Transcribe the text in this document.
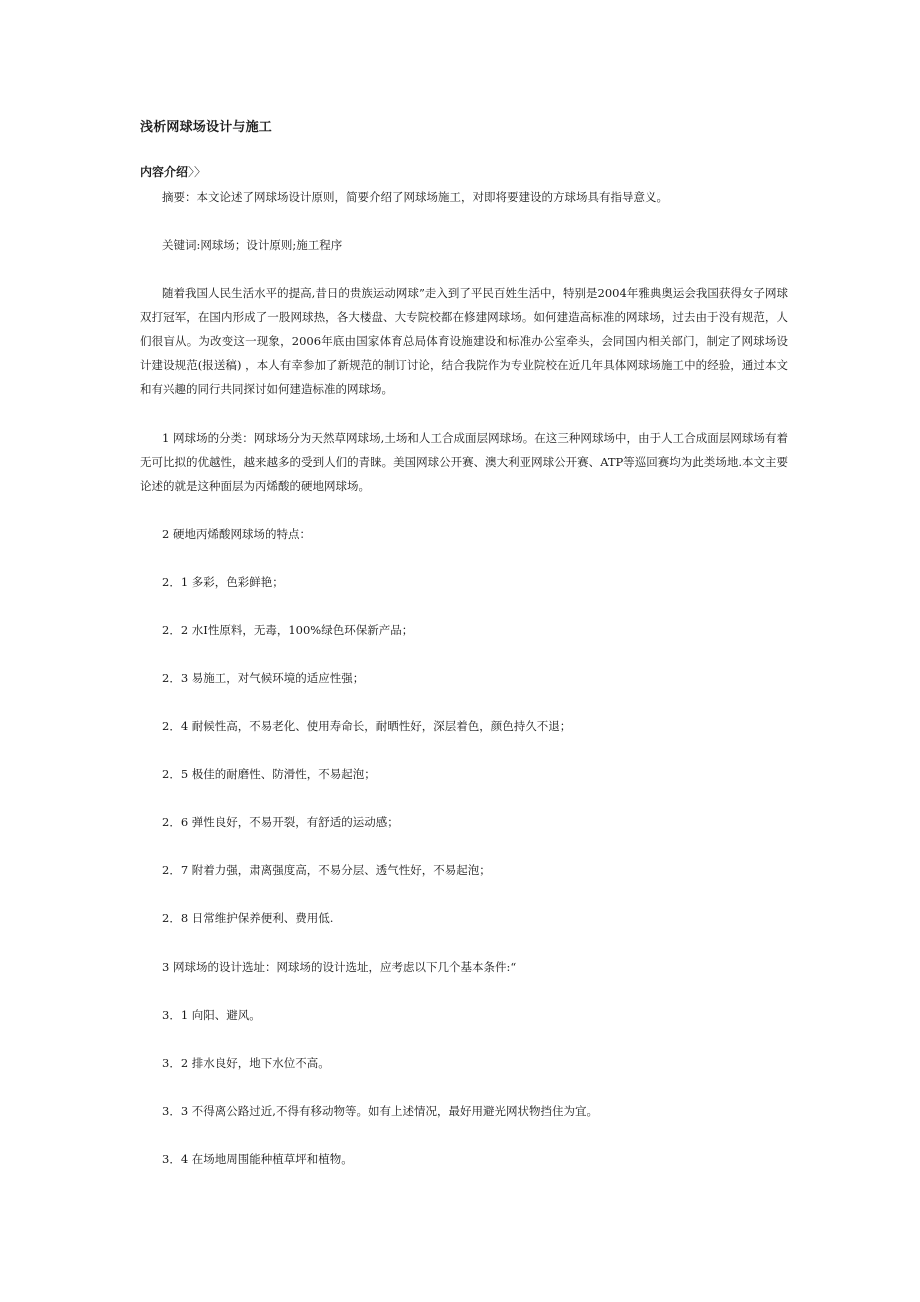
浅析网球场设计与施工
内容介绍〉〉
摘要：本文论述了网球场设计原则，简要介绍了网球场施工，对即将要建设的方球场具有指导意义。
关键词:网球场；设计原则;施工程序
随着我国人民生活水平的提高,昔日的贵族运动网球”走入到了平民百姓生活中，特别是2004年雅典奥运会我国获得女子网球双打冠军，在国内形成了一股网球热，各大楼盘、大专院校都在修建网球场。如何建造高标准的网球场，过去由于没有规范，人们很盲从。为改变这一现象，2006年底由国家体育总局体育设施建设和标准办公室牵头，会同国内相关部门，制定了网球场设计建设规范(报送稿) ，本人有幸参加了新规范的制订讨论，结合我院作为专业院校在近几年具体网球场施工中的经验，通过本文和有兴趣的同行共同探讨如何建造标准的网球场。
1 网球场的分类：网球场分为天然草网球场,土场和人工合成面层网球场。在这三种网球场中，由于人工合成面层网球场有着无可比拟的优越性，越来越多的受到人们的青睐。美国网球公开赛、澳大利亚网球公开赛、ATP等巡回赛均为此类场地.本文主要论述的就是这种面层为丙烯酸的硬地网球场。
2 硬地丙烯酸网球场的特点：
2．1 多彩，色彩鲜艳；
2．2 水Ⅰ性原料，无毒，100%绿色环保新产品；
2．3 易施工，对气候环境的适应性强；
2．4 耐候性高，不易老化、使用寿命长，耐晒性好，深层着色，颜色持久不退；
2．5 极佳的耐磨性、防滑性，不易起泡；
2．6 弹性良好，不易开裂，有舒适的运动感；
2．7 附着力强，肃离强度高，不易分层、透气性好，不易起泡；
2．8 日常维护保养便利、费用低.
3 网球场的设计选址：网球场的设计选址，应考虑以下几个基本条件:“
3．1 向阳、避风。
3．2 排水良好，地下水位不高。
3．3 不得离公路过近,不得有移动物等。如有上述情况，最好用避光网状物挡住为宜。
3．4 在场地周围能种植草坪和植物。
